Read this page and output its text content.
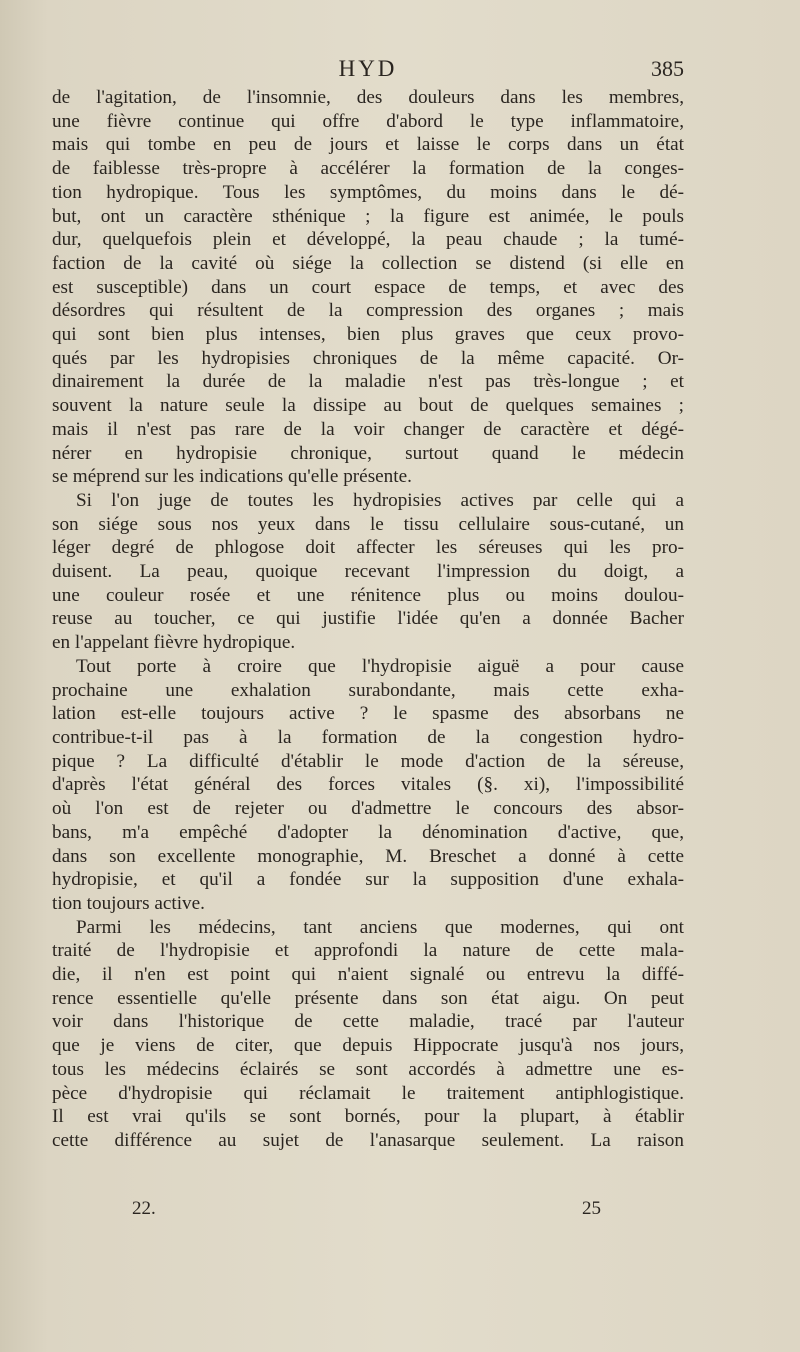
HYD	385
de l'agitation, de l'insomnie, des douleurs dans les membres,
une fièvre continue qui offre d'abord le type inflammatoire,
mais qui tombe en peu de jours et laisse le corps dans un état
de faiblesse très-propre à accélérer la formation de la conges-
tion hydropique. Tous les symptômes, du moins dans le dé-
but, ont un caractère sthénique ; la figure est animée, le pouls
dur, quelquefois plein et développé, la peau chaude ; la tumé-
faction de la cavité où siége la collection se distend (si elle en
est susceptible) dans un court espace de temps, et avec des
désordres qui résultent de la compression des organes ; mais
qui sont bien plus intenses, bien plus graves que ceux provo-
qués par les hydropisies chroniques de la même capacité. Or-
dinairement la durée de la maladie n'est pas très-longue ; et
souvent la nature seule la dissipe au bout de quelques semaines ;
mais il n'est pas rare de la voir changer de caractère et dégé-
nérer en hydropisie chronique, surtout quand le médecin
se méprend sur les indications qu'elle présente.
Si l'on juge de toutes les hydropisies actives par celle qui a
son siége sous nos yeux dans le tissu cellulaire sous-cutané, un
léger degré de phlogose doit affecter les séreuses qui les pro-
duisent. La peau, quoique recevant l'impression du doigt, a
une couleur rosée et une rénitence plus ou moins doulou-
reuse au toucher, ce qui justifie l'idée qu'en a donnée Bacher
en l'appelant fièvre hydropique.
Tout porte à croire que l'hydropisie aiguë a pour cause
prochaine une exhalation surabondante, mais cette exha-
lation est-elle toujours active ? le spasme des absorbans ne
contribue-t-il pas à la formation de la congestion hydro-
pique ? La difficulté d'établir le mode d'action de la séreuse,
d'après l'état général des forces vitales (§. xi), l'impossibilité
où l'on est de rejeter ou d'admettre le concours des absor-
bans, m'a empêché d'adopter la dénomination d'active, que,
dans son excellente monographie, M. Breschet a donné à cette
hydropisie, et qu'il a fondée sur la supposition d'une exhala-
tion toujours active.
Parmi les médecins, tant anciens que modernes, qui ont
traité de l'hydropisie et approfondi la nature de cette mala-
die, il n'en est point qui n'aient signalé ou entrevu la diffé-
rence essentielle qu'elle présente dans son état aigu. On peut
voir dans l'historique de cette maladie, tracé par l'auteur
que je viens de citer, que depuis Hippocrate jusqu'à nos jours,
tous les médecins éclairés se sont accordés à admettre une es-
pèce d'hydropisie qui réclamait le traitement antiphlogistique.
Il est vrai qu'ils se sont bornés, pour la plupart, à établir
cette différence au sujet de l'anasarque seulement. La raison
22.	25
